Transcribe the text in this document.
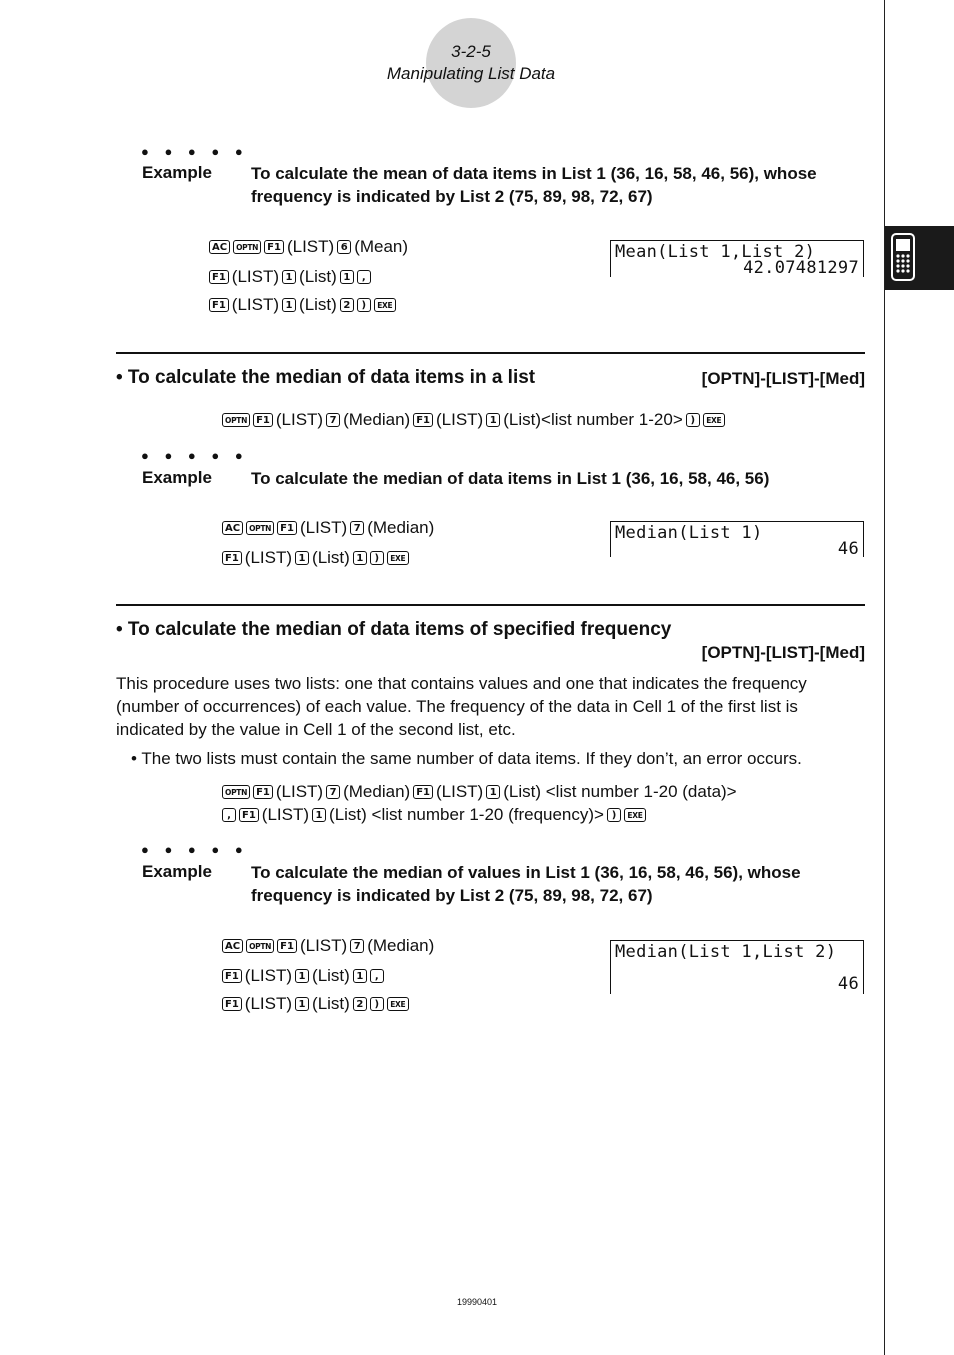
3-2-5
Manipulating List Data
● ● ● ● ●
Example To calculate the mean of data items in List 1 (36, 16, 58, 46, 56), whose frequency is indicated by List 2 (75, 89, 98, 72, 67)
AC	OPTN F1 (LIST) 6 (Mean)
F1 (LIST) 1 (List) 1	,
F1 (LIST) 1 (List) 2	)	EXE
Mean(List 1,List 2)
42.07481297
• To calculate the median of data items in a list	[OPTN]-[LIST]-[Med]
OPTN F1 (LIST) 7 (Median) F1 (LIST) 1 (List)<list number 1-20> )	EXE
● ● ● ● ●
Example To calculate the median of data items in List 1 (36, 16, 58, 46, 56)
AC	OPTN F1 (LIST) 7 (Median)
F1 (LIST) 1 (List) 1	)	EXE
Median(List 1)
46
• To calculate the median of data items of specified frequency
[OPTN]-[LIST]-[Med]
This procedure uses two lists: one that contains values and one that indicates the frequency (number of occurrences) of each value. The frequency of the data in Cell 1 of the first list is indicated by the value in Cell 1 of the second list, etc.
• The two lists must contain the same number of data items. If they don’t, an error occurs.
OPTN F1 (LIST) 7 (Median) F1 (LIST) 1 (List) <list number 1-20 (data)>
,	F1 (LIST) 1 (List) <list number 1-20 (frequency)> )	EXE
● ● ● ● ●
Example To calculate the median of values in List 1 (36, 16, 58, 46, 56), whose frequency is indicated by List 2 (75, 89, 98, 72, 67)
AC	OPTN F1 (LIST) 7 (Median)
F1 (LIST) 1 (List) 1	,
F1 (LIST) 1 (List) 2	)	EXE
Median(List 1,List 2)
46
19990401
